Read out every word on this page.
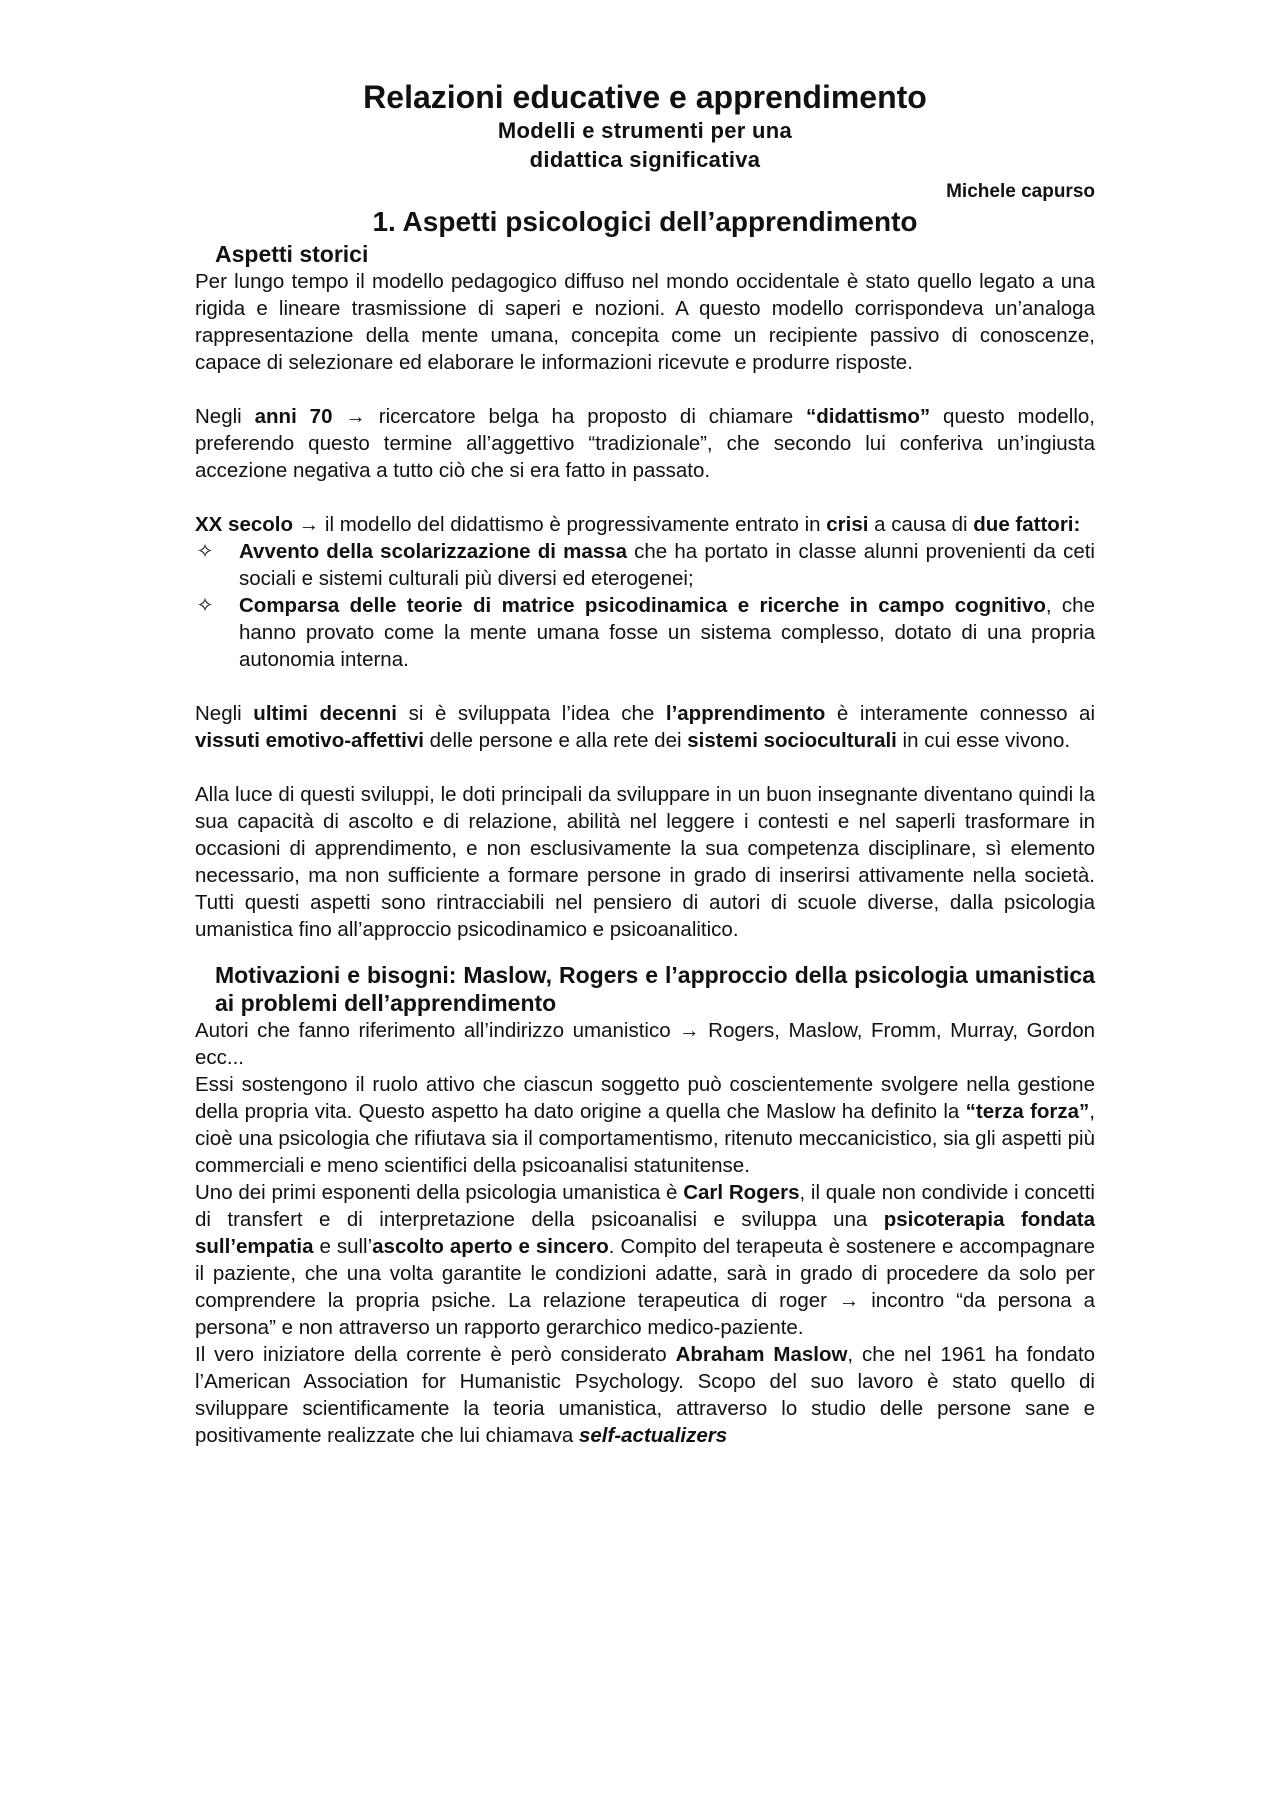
Relazioni educative e apprendimento
Modelli e strumenti per una
didattica significativa
Michele capurso
1. Aspetti psicologici dell’apprendimento
Aspetti storici

Per lungo tempo il modello pedagogico diffuso nel mondo occidentale è stato quello legato a una rigida e lineare trasmissione di saperi e nozioni. A questo modello corrispondeva un’analoga rappresentazione della mente umana, concepita come un recipiente passivo di conoscenze, capace di selezionare ed elaborare le informazioni ricevute e produrre risposte.

Negli anni 70 → ricercatore belga ha proposto di chiamare “didattismo” questo modello, preferendo questo termine all’aggettivo “tradizionale”, che secondo lui conferiva un’ingiusta accezione negativa a tutto ciò che si era fatto in passato.

XX secolo → il modello del didattismo è progressivamente entrato in crisi a causa di due fattori:

✧ Avvento della scolarizzazione di massa che ha portato in classe alunni provenienti da ceti sociali e sistemi culturali più diversi ed eterogenei;
✧ Comparsa delle teorie di matrice psicodinamica e ricerche in campo cognitivo, che hanno provato come la mente umana fosse un sistema complesso, dotato di una propria autonomia interna.

Negli ultimi decenni si è sviluppata l’idea che l’apprendimento è interamente connesso ai vissuti emotivo-affettivi delle persone e alla rete dei sistemi socioculturali in cui esse vivono.

Alla luce di questi sviluppi, le doti principali da sviluppare in un buon insegnante diventano quindi la sua capacità di ascolto e di relazione, abilità nel leggere i contesti e nel saperli trasformare in occasioni di apprendimento, e non esclusivamente la sua competenza disciplinare, sì elemento necessario, ma non sufficiente a formare persone in grado di inserirsi attivamente nella società. Tutti questi aspetti sono rintracciabili nel pensiero di autori di scuole diverse, dalla psicologia umanistica fino all’approccio psicodinamico e psicoanalitico.

Motivazioni e bisogni: Maslow, Rogers e l’approccio della psicologia umanistica ai problemi dell’apprendimento

Autori che fanno riferimento all’indirizzo umanistico → Rogers, Maslow, Fromm, Murray, Gordon ecc...

Essi sostengono il ruolo attivo che ciascun soggetto può coscientemente svolgere nella gestione della propria vita. Questo aspetto ha dato origine a quella che Maslow ha definito la “terza forza”, cioè una psicologia che rifiutava sia il comportamentismo, ritenuto meccanicistico, sia gli aspetti più commerciali e meno scientifici della psicoanalisi statunitense.

Uno dei primi esponenti della psicologia umanistica è Carl Rogers, il quale non condivide i concetti di transfert e di interpretazione della psicoanalisi e sviluppa una psicoterapia fondata sull’empatia e sull’ascolto aperto e sincero. Compito del terapeuta è sostenere e accompagnare il paziente, che una volta garantite le condizioni adatte, sarà in grado di procedere da solo per comprendere la propria psiche. La relazione terapeutica di roger → incontro “da persona a persona” e non attraverso un rapporto gerarchico medico-paziente.

Il vero iniziatore della corrente è però considerato Abraham Maslow, che nel 1961 ha fondato l’American Association for Humanistic Psychology. Scopo del suo lavoro è stato quello di sviluppare scientificamente la teoria umanistica, attraverso lo studio delle persone sane e positivamente realizzate che lui chiamava self-actualizers
